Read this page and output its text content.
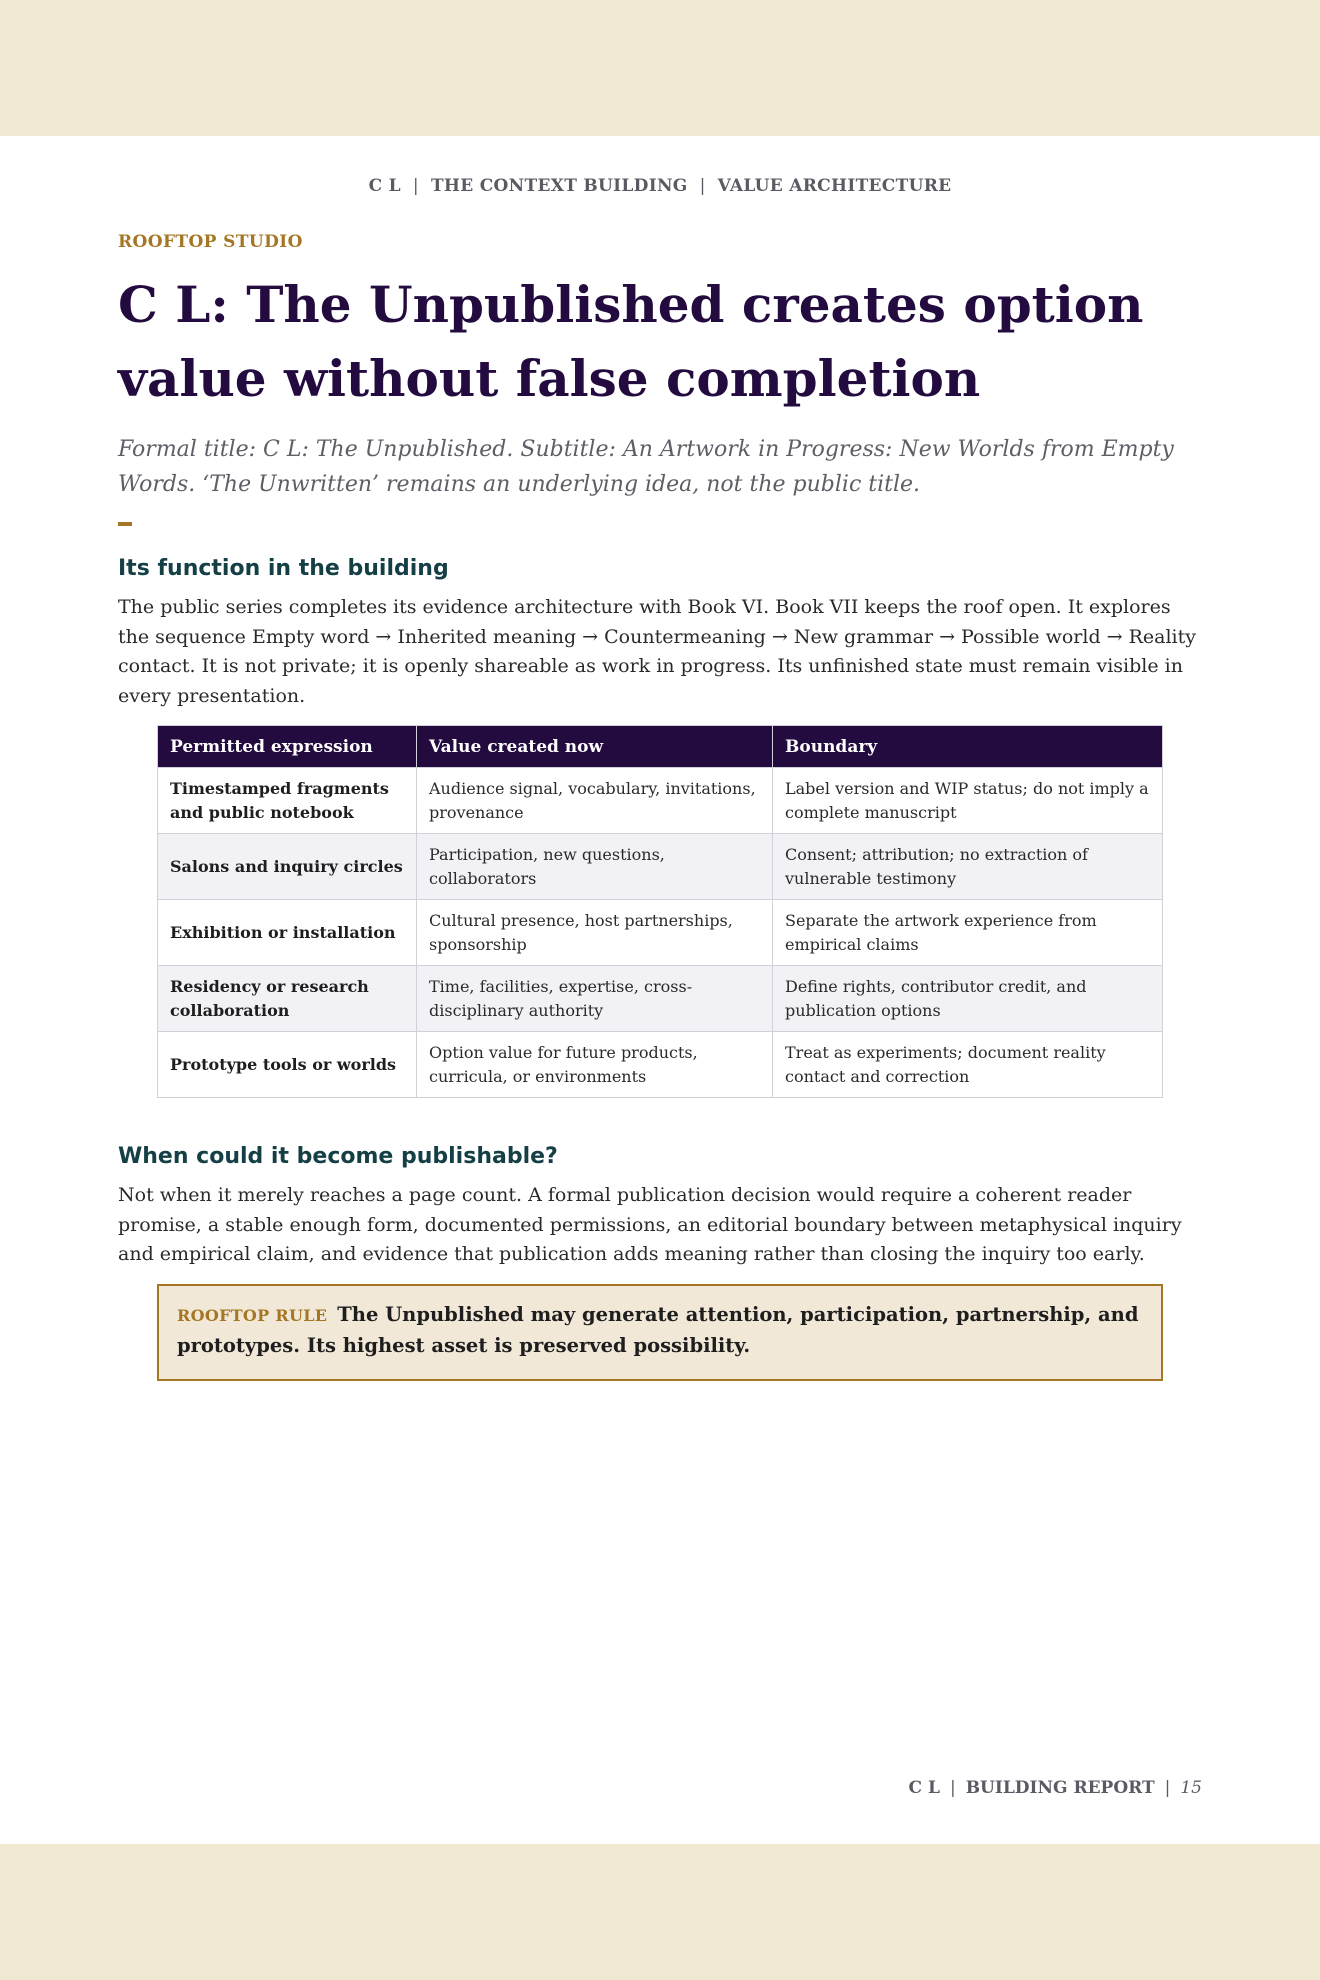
C L | THE CONTEXT BUILDING | VALUE ARCHITECTURE
ROOFTOP STUDIO
C L: The Unpublished creates option value without false completion

Formal title: C L: The Unpublished. Subtitle: An Artwork in Progress: New Worlds from Empty Words. ‘The Unwritten’ remains an underlying idea, not the public title.

Its function in the building

The public series completes its evidence architecture with Book VI. Book VII keeps the roof open. It explores the sequence Empty word → Inherited meaning → Countermeaning → New grammar → Possible world → Reality contact. It is not private; it is openly shareable as work in progress. Its unfinished state must remain visible in every presentation.

Permitted expression	Value created now	Boundary
Timestamped fragments and public notebook	Audience signal, vocabulary, invitations, provenance	Label version and WIP status; do not imply a complete manuscript
Salons and inquiry circles	Participation, new questions, collaborators	Consent; attribution; no extraction of vulnerable testimony
Exhibition or installation	Cultural presence, host partnerships, sponsorship	Separate the artwork experience from empirical claims
Residency or research collaboration	Time, facilities, expertise, cross-disciplinary authority	Define rights, contributor credit, and publication options
Prototype tools or worlds	Option value for future products, curricula, or environments	Treat as experiments; document reality contact and correction
When could it become publishable?

Not when it merely reaches a page count. A formal publication decision would require a coherent reader promise, a stable enough form, documented permissions, an editorial boundary between metaphysical inquiry and empirical claim, and evidence that publication adds meaning rather than closing the inquiry too early.

ROOFTOP RULE The Unpublished may generate attention, participation, partnership, and prototypes. Its highest asset is preserved possibility.
C L | BUILDING REPORT | 15
